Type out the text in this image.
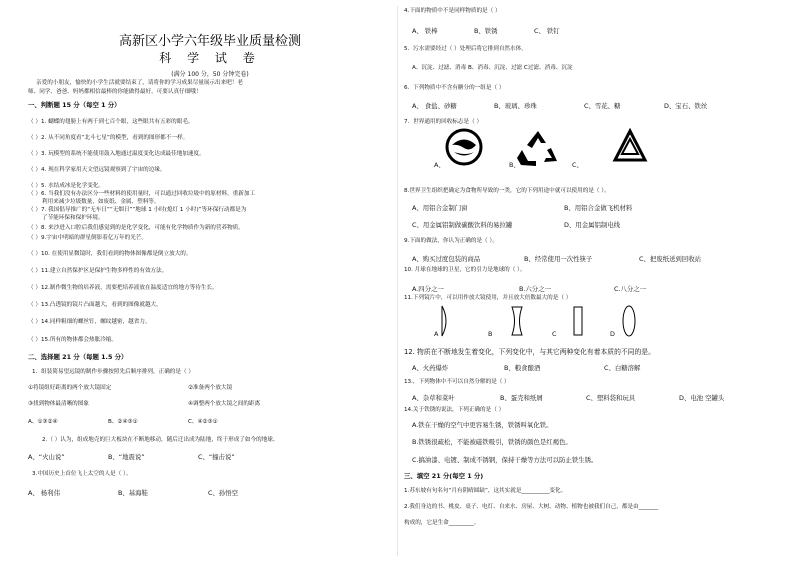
高新区小学六年级毕业质量检测
科 学 试 卷
(满分 100 分，50 分钟完卷)
亲爱的小朋友，愉快的小学生活就要结束了，请将你的学习成果尽量展示出来吧！老
师、同学、爸爸、妈妈都相信最棒的你能做得最好，可要认真仔细哦！
一、判断题 15 分（每空 1 分）
（ ）1. 蝴蝶的翅膀上有两千到七百个眼，这些眼共有五彩的眼毛。
（ ）2. 从不同角度看“北斗七星”的模型，看到的图形都不一样。
（ ）3. 玩模型的系统不能使用鼓入地通过温度变化达成最佳地加速度。
（ ）4. 现在科学家用天文望远镜观察到了宇宙的边缘。
（ ）5. 水结成冰是化学变化。
（ ）6. 当我们没有办法区分一些材料的使用量时，可以通过回收垃圾中的原材料，重新加工
利用来减少垃圾数量，如废纸、金属、塑料等。
（ ）7. 我国倡导推广的“无车日”“无烟日”“地球 1 小时(熄灯 1 小时)”等环保行动都是为
了节能环保和保护环境。
（ ）8. 来沙进入口腔后我们感觉到的是化学变化，可能有化学物质作为新的营养物质。
（ ）9.宇宙中明暗的群星倒影着亿万年的光芒。
（ ）10. 在使用显微镜时，我们看到的物体图像都是倒立放大的。
（ ）11.建立自然保护区是保护生物多样性的有效方法。
（ ）12.制作微生物的培养液，需要把培养液放在温度适宜的地方等待生长。
（ ）13.凸透镜的镜片凸面越大，看到的图像就越大。
（ ）14.同样粗细的螺丝钉，螺纹越密，越省力。
（ ）15.所有的物体都会热胀冷缩。
二、选择题 21 分（每题 1.5 分）
1．组装简易望远镜的制作步骤按照先后顺序排列，正确的是（ ）
①将镜组好距离的两个放大镜固定	②准备两个放大镜
③找到物体最清晰的图象	④调整两个放大镜之间的距离
A、①③②④	B、②④③①	C、④②③①
2.（ ）认为，组成地壳的巨大板块在不断地移动，随后迁出成为陆地，终于形成了如今的地球。
A、“火山说”	B、“地震说”	C、“撞击说”
3.中国历史上首位飞上太空的人是（ ）。
A、 杨利伟	B、基海鞋	C、孙悟空
4.下面的物质中不是同样物质的是（ ）
A、 铁棒	B、铁锈	C、 铁钉
5．污水需要经过（ ）处理后将它排到自然水体。
A、沉淀、过滤、消毒 B、消毒、沉淀、过滤 C过滤、消毒、沉淀
6．下列物质中不含有糖分的一组是（ ）
A、 食盐、砂糖	B、玻璃、珍珠	C、雪花、糖	D、宝石、铁丝
7．世界通用的回收标志是（ ）
A、	B、	C、
8.世界卫生组织把确定为食物所导致的一类，它的下列用途中就可以使用的是（ ）。
A、用铝合金制门窗	B、用铝合金做飞机材料
C、用金属铝制做碳酸饮料的易拉罐	D、用金属铝制电线
9.下面的做法，你认为正确的是（ ）。
A、购买过度包装的商品	B、经常使用一次性筷子	C、把废纸送到回收站
10. 月球在地球的卫星，它的引力是地球的（ ）。
A.四分之一	B.六分之一	C.八分之一
11.下列镜片中，可以用作放大镜使用，并且放大倍数最大的是（ ）
A	B	C	D
12. 物质在不断地发生着变化，下列变化中，与其它两种变化有着本质的不同的是。
A、火药爆炸	B、粮食酿酒	C、白糖溶解
13.，下列物体中不可以自然分解的是（ ）
A、杂草和菜叶	B、蛋壳和纸屑	C、塑料袋和玩具	D、电池 空罐头
14.关于铁锈的说法，下列正确的是（ ）
A.铁在干燥的空气中更容易生锈，铁锈叫氧化铁。
B.铁锈很疏松，不能被磁铁吸引，铁锈的颜色是红褐色。
C.搞油漆、电镀、制成不锈钢，保持干燥等方法可以防止铁生锈。
三、填空 21 分(每空 1 分)
1.苏东坡有句名句“月有阴晴圆缺”，这其实就是__________变化。
2.我们身边的书、桃皮、桌子、电灯、自来水、房屋、大树、动物、植物也被我们自己，都是由_______
构成的，它是生命_________。
